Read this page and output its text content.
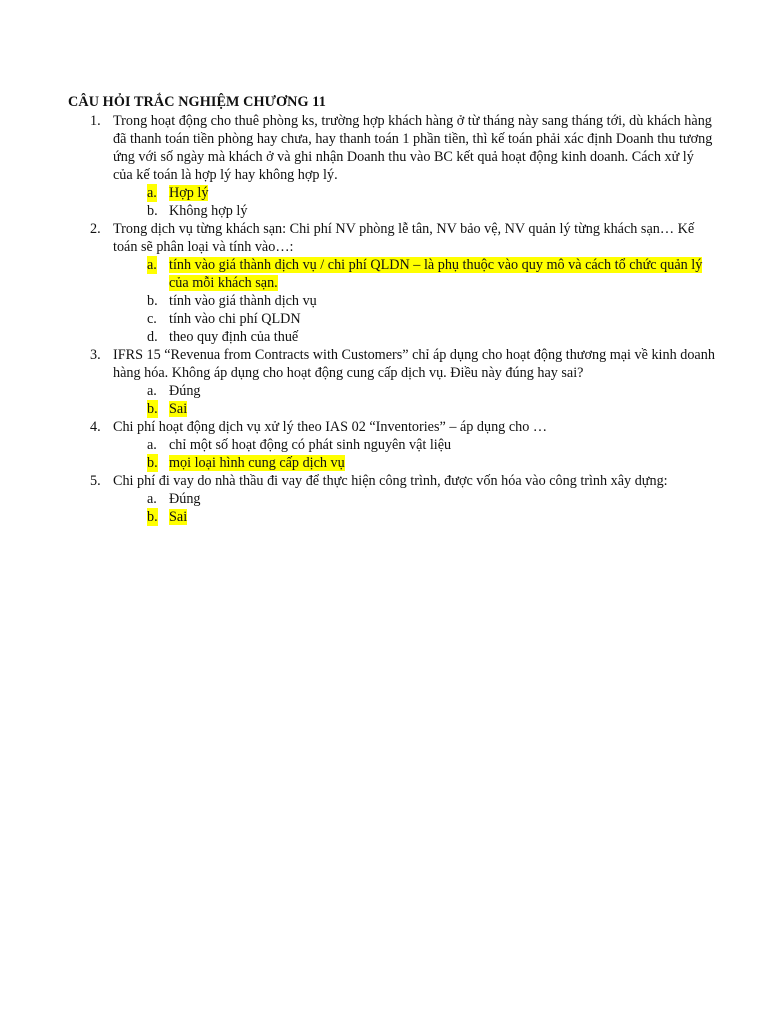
CÂU HỎI TRẮC NGHIỆM CHƯƠNG 11
1. Trong hoạt động cho thuê phòng ks, trường hợp khách hàng ở từ tháng này sang tháng tới, dù khách hàng đã thanh toán tiền phòng hay chưa, hay thanh toán 1 phần tiền, thì kế toán phải xác định Doanh thu tương ứng với số ngày mà khách ở và ghi nhận Doanh thu vào BC kết quả hoạt động kinh doanh. Cách xử lý của kế toán là hợp lý hay không hợp lý.
a. Hợp lý
b. Không hợp lý
2. Trong dịch vụ từng khách sạn: Chi phí NV phòng lễ tân, NV bảo vệ, NV quản lý từng khách sạn… Kế toán sẽ phân loại và tính vào…:
a. tính vào giá thành dịch vụ / chi phí QLDN – là phụ thuộc vào quy mô và cách tổ chức quản lý của mỗi khách sạn.
b. tính vào giá thành dịch vụ
c. tính vào chi phí QLDN
d. theo quy định của thuế
3. IFRS 15 “Revenua from Contracts with Customers” chỉ áp dụng cho hoạt động thương mại về kinh doanh hàng hóa. Không áp dụng cho hoạt động cung cấp dịch vụ. Điều này đúng hay sai?
a. Đúng
b. Sai
4. Chi phí hoạt động dịch vụ xử lý theo IAS 02 “Inventories” – áp dụng cho …
a. chỉ một số hoạt động có phát sinh nguyên vật liệu
b. mọi loại hình cung cấp dịch vụ
5. Chi phí đi vay do nhà thầu đi vay để thực hiện công trình, được vốn hóa vào công trình xây dựng:
a. Đúng
b. Sai
